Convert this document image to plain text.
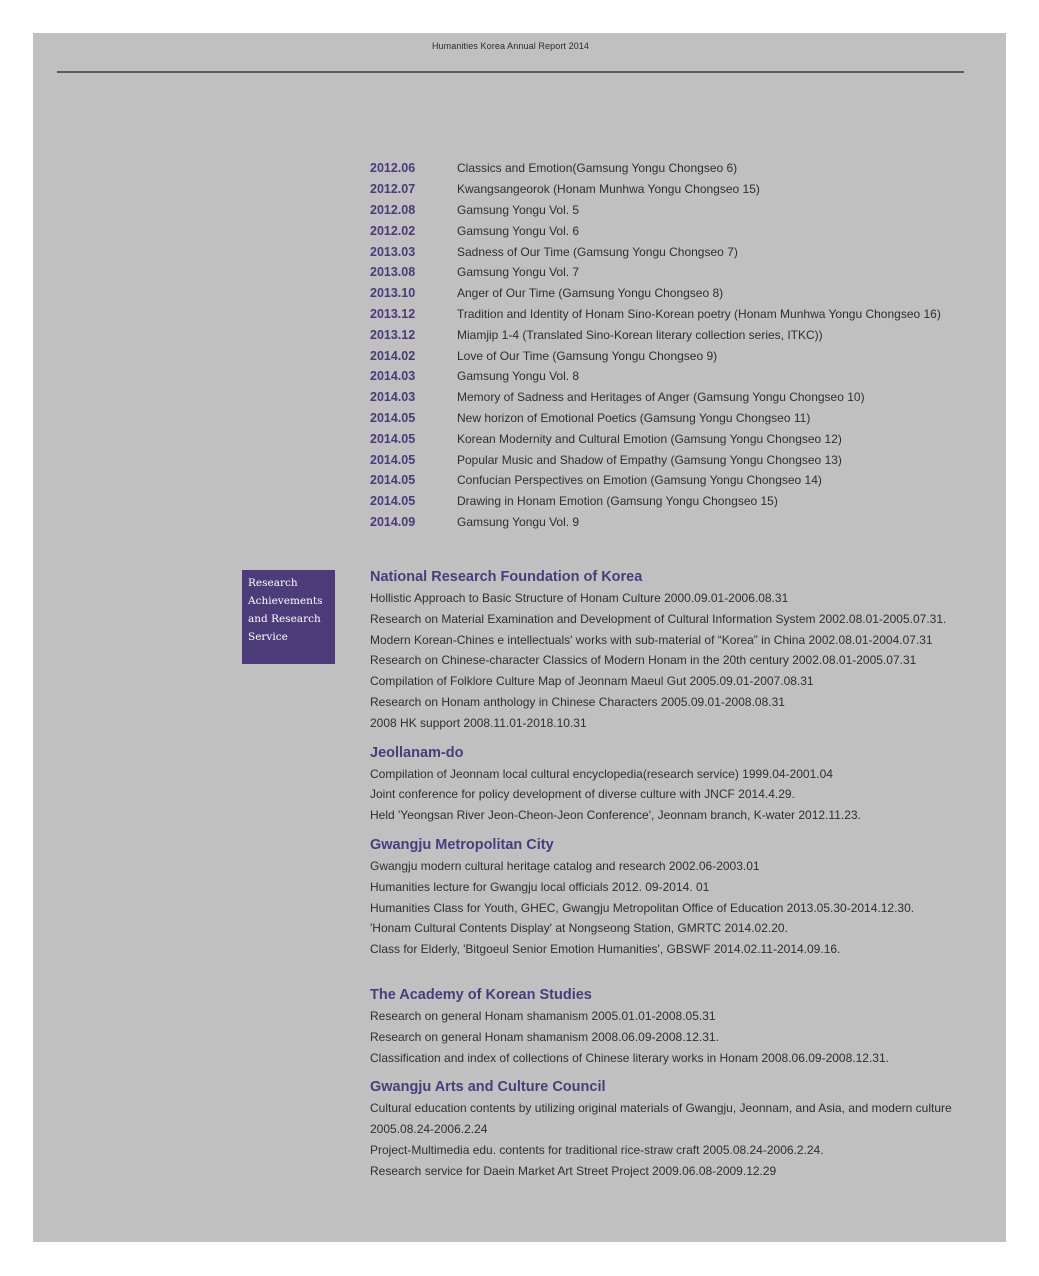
Humanities Korea Annual Report 2014
2012.06	Classics and Emotion(Gamsung Yongu Chongseo 6)
2012.07	Kwangsangeorok (Honam Munhwa Yongu Chongseo 15)
2012.08	Gamsung Yongu Vol. 5
2012.02	Gamsung Yongu Vol. 6
2013.03	Sadness of Our Time (Gamsung Yongu Chongseo 7)
2013.08	Gamsung Yongu Vol. 7
2013.10	Anger of Our Time (Gamsung Yongu Chongseo 8)
2013.12	Tradition and Identity of Honam Sino-Korean poetry (Honam Munhwa Yongu Chongseo 16)
2013.12	Miamjip 1-4 (Translated Sino-Korean literary collection series, ITKC))
2014.02	Love of Our Time (Gamsung Yongu Chongseo 9)
2014.03	Gamsung Yongu Vol. 8
2014.03	Memory of Sadness and Heritages of Anger (Gamsung Yongu Chongseo 10)
2014.05	New horizon of Emotional Poetics (Gamsung Yongu Chongseo 11)
2014.05	Korean Modernity and Cultural Emotion (Gamsung Yongu Chongseo 12)
2014.05	Popular Music and Shadow of Empathy (Gamsung Yongu Chongseo 13)
2014.05	Confucian Perspectives on Emotion (Gamsung Yongu Chongseo 14)
2014.05	Drawing in Honam Emotion (Gamsung Yongu Chongseo 15)
2014.09	Gamsung Yongu Vol. 9
Research
Achievements
and Research
Service
National Research Foundation of Korea
Hollistic Approach to Basic Structure of Honam Culture 2000.09.01-2006.08.31
Research on Material Examination and Development of Cultural Information System 2002.08.01-2005.07.31.
Modern Korean-Chines e intellectuals' works with sub-material of “Korea” in China 2002.08.01-2004.07.31
Research on Chinese-character Classics of Modern Honam in the 20th century 2002.08.01-2005.07.31
Compilation of Folklore Culture Map of Jeonnam Maeul Gut 2005.09.01-2007.08.31
Research on Honam anthology in Chinese Characters 2005.09.01-2008.08.31
2008 HK support 2008.11.01-2018.10.31
Jeollanam-do
Compilation of Jeonnam local cultural encyclopedia(research service) 1999.04-2001.04
Joint conference for policy development of diverse culture with JNCF 2014.4.29.
Held 'Yeongsan River Jeon-Cheon-Jeon Conference', Jeonnam branch, K-water 2012.11.23.
Gwangju Metropolitan City
Gwangju modern cultural heritage catalog and research 2002.06-2003.01
Humanities lecture for Gwangju local officials 2012. 09-2014. 01
Humanities Class for Youth, GHEC, Gwangju Metropolitan Office of Education 2013.05.30-2014.12.30.
'Honam Cultural Contents Display' at Nongseong Station, GMRTC 2014.02.20.
Class for Elderly, 'Bitgoeul Senior Emotion Humanities', GBSWF 2014.02.11-2014.09.16.
The Academy of Korean Studies
Research on general Honam shamanism 2005.01.01-2008.05.31
Research on general Honam shamanism 2008.06.09-2008.12.31.
Classification and index of collections of Chinese literary works in Honam 2008.06.09-2008.12.31.
Gwangju Arts and Culture Council
Cultural education contents by utilizing original materials of Gwangju, Jeonnam, and Asia, and modern culture 2005.08.24-2006.2.24
Project-Multimedia edu. contents for traditional rice-straw craft 2005.08.24-2006.2.24.
Research service for Daein Market Art Street Project 2009.06.08-2009.12.29
